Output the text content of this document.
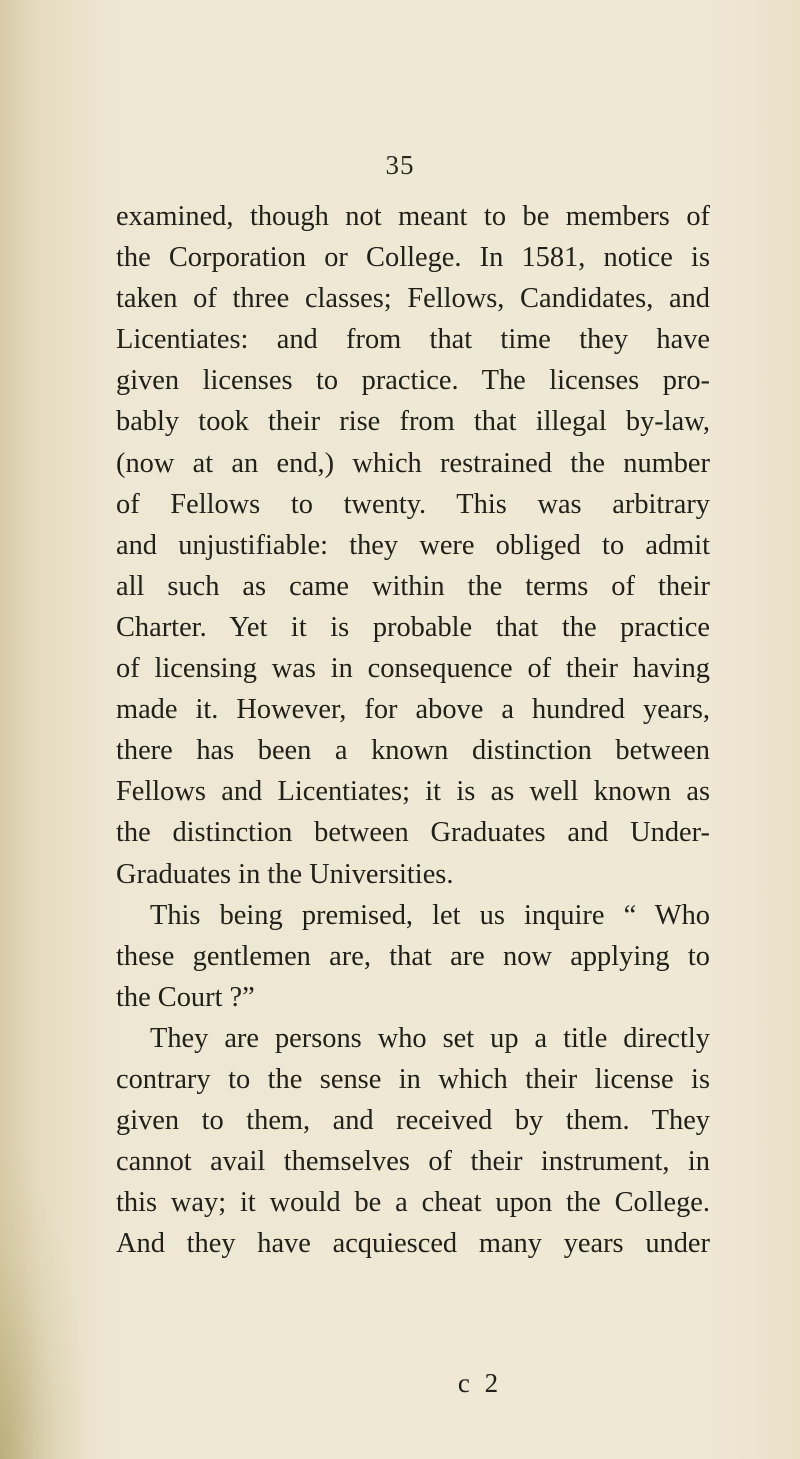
35
examined, though not meant to be members of
the Corporation or College. In 1581, notice is
taken of three classes; Fellows, Candidates, and
Licentiates: and from that time they have
given licenses to practice. The licenses pro-
bably took their rise from that illegal by-law,
(now at an end,) which restrained the number
of Fellows to twenty. This was arbitrary
and unjustifiable: they were obliged to admit
all such as came within the terms of their
Charter. Yet it is probable that the practice
of licensing was in consequence of their having
made it. However, for above a hundred years,
there has been a known distinction between
Fellows and Licentiates; it is as well known as
the distinction between Graduates and Under-
Graduates in the Universities.
This being premised, let us inquire “ Who
these gentlemen are, that are now applying to
the Court ?”
They are persons who set up a title directly
contrary to the sense in which their license is
given to them, and received by them. They
cannot avail themselves of their instrument, in
this way; it would be a cheat upon the College.
And they have acquiesced many years under
c 2
